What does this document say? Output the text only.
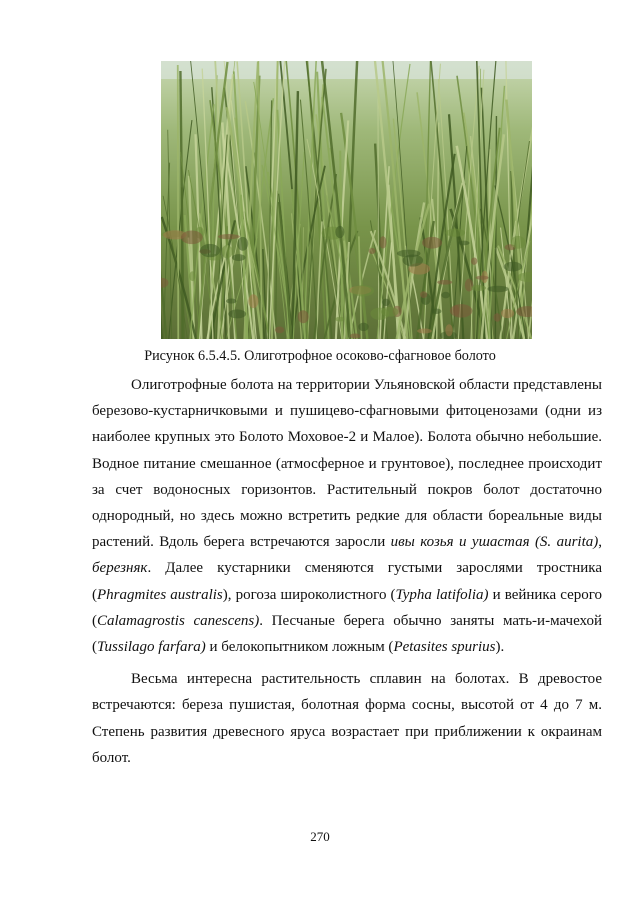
Рисунок 6.5.4.5. Олиготрофное осоково-сфагновое болото

Олиготрофные болота на территории Ульяновской области представлены березово-кустарничковыми и пушицево-сфагновыми фитоценозами (одни из наиболее крупных это Болото Моховое-2 и Малое). Болота обычно небольшие. Водное питание смешанное (атмосферное и грунтовое), последнее происходит за счет водоносных горизонтов. Растительный покров болот достаточно однородный, но здесь можно встретить редкие для области бореальные виды растений. Вдоль берега встречаются заросли ивы козья и ушастая (S. aurita), березняк. Далее кустарники сменяются густыми зарослями тростника (Phragmites australis), рогоза широколистного (Typha latifolia) и вейника серого (Calamagrostis canescens). Песчаные берега обычно заняты мать-и-мачехой (Tussilago farfara) и белокопытником ложным (Petasites spurius).

Весьма интересна растительность сплавин на болотах. В древостое встречаются: береза пушистая, болотная форма сосны, высотой от 4 до 7 м. Степень развития древесного яруса возрастает при приближении к окраинам болот.

270
